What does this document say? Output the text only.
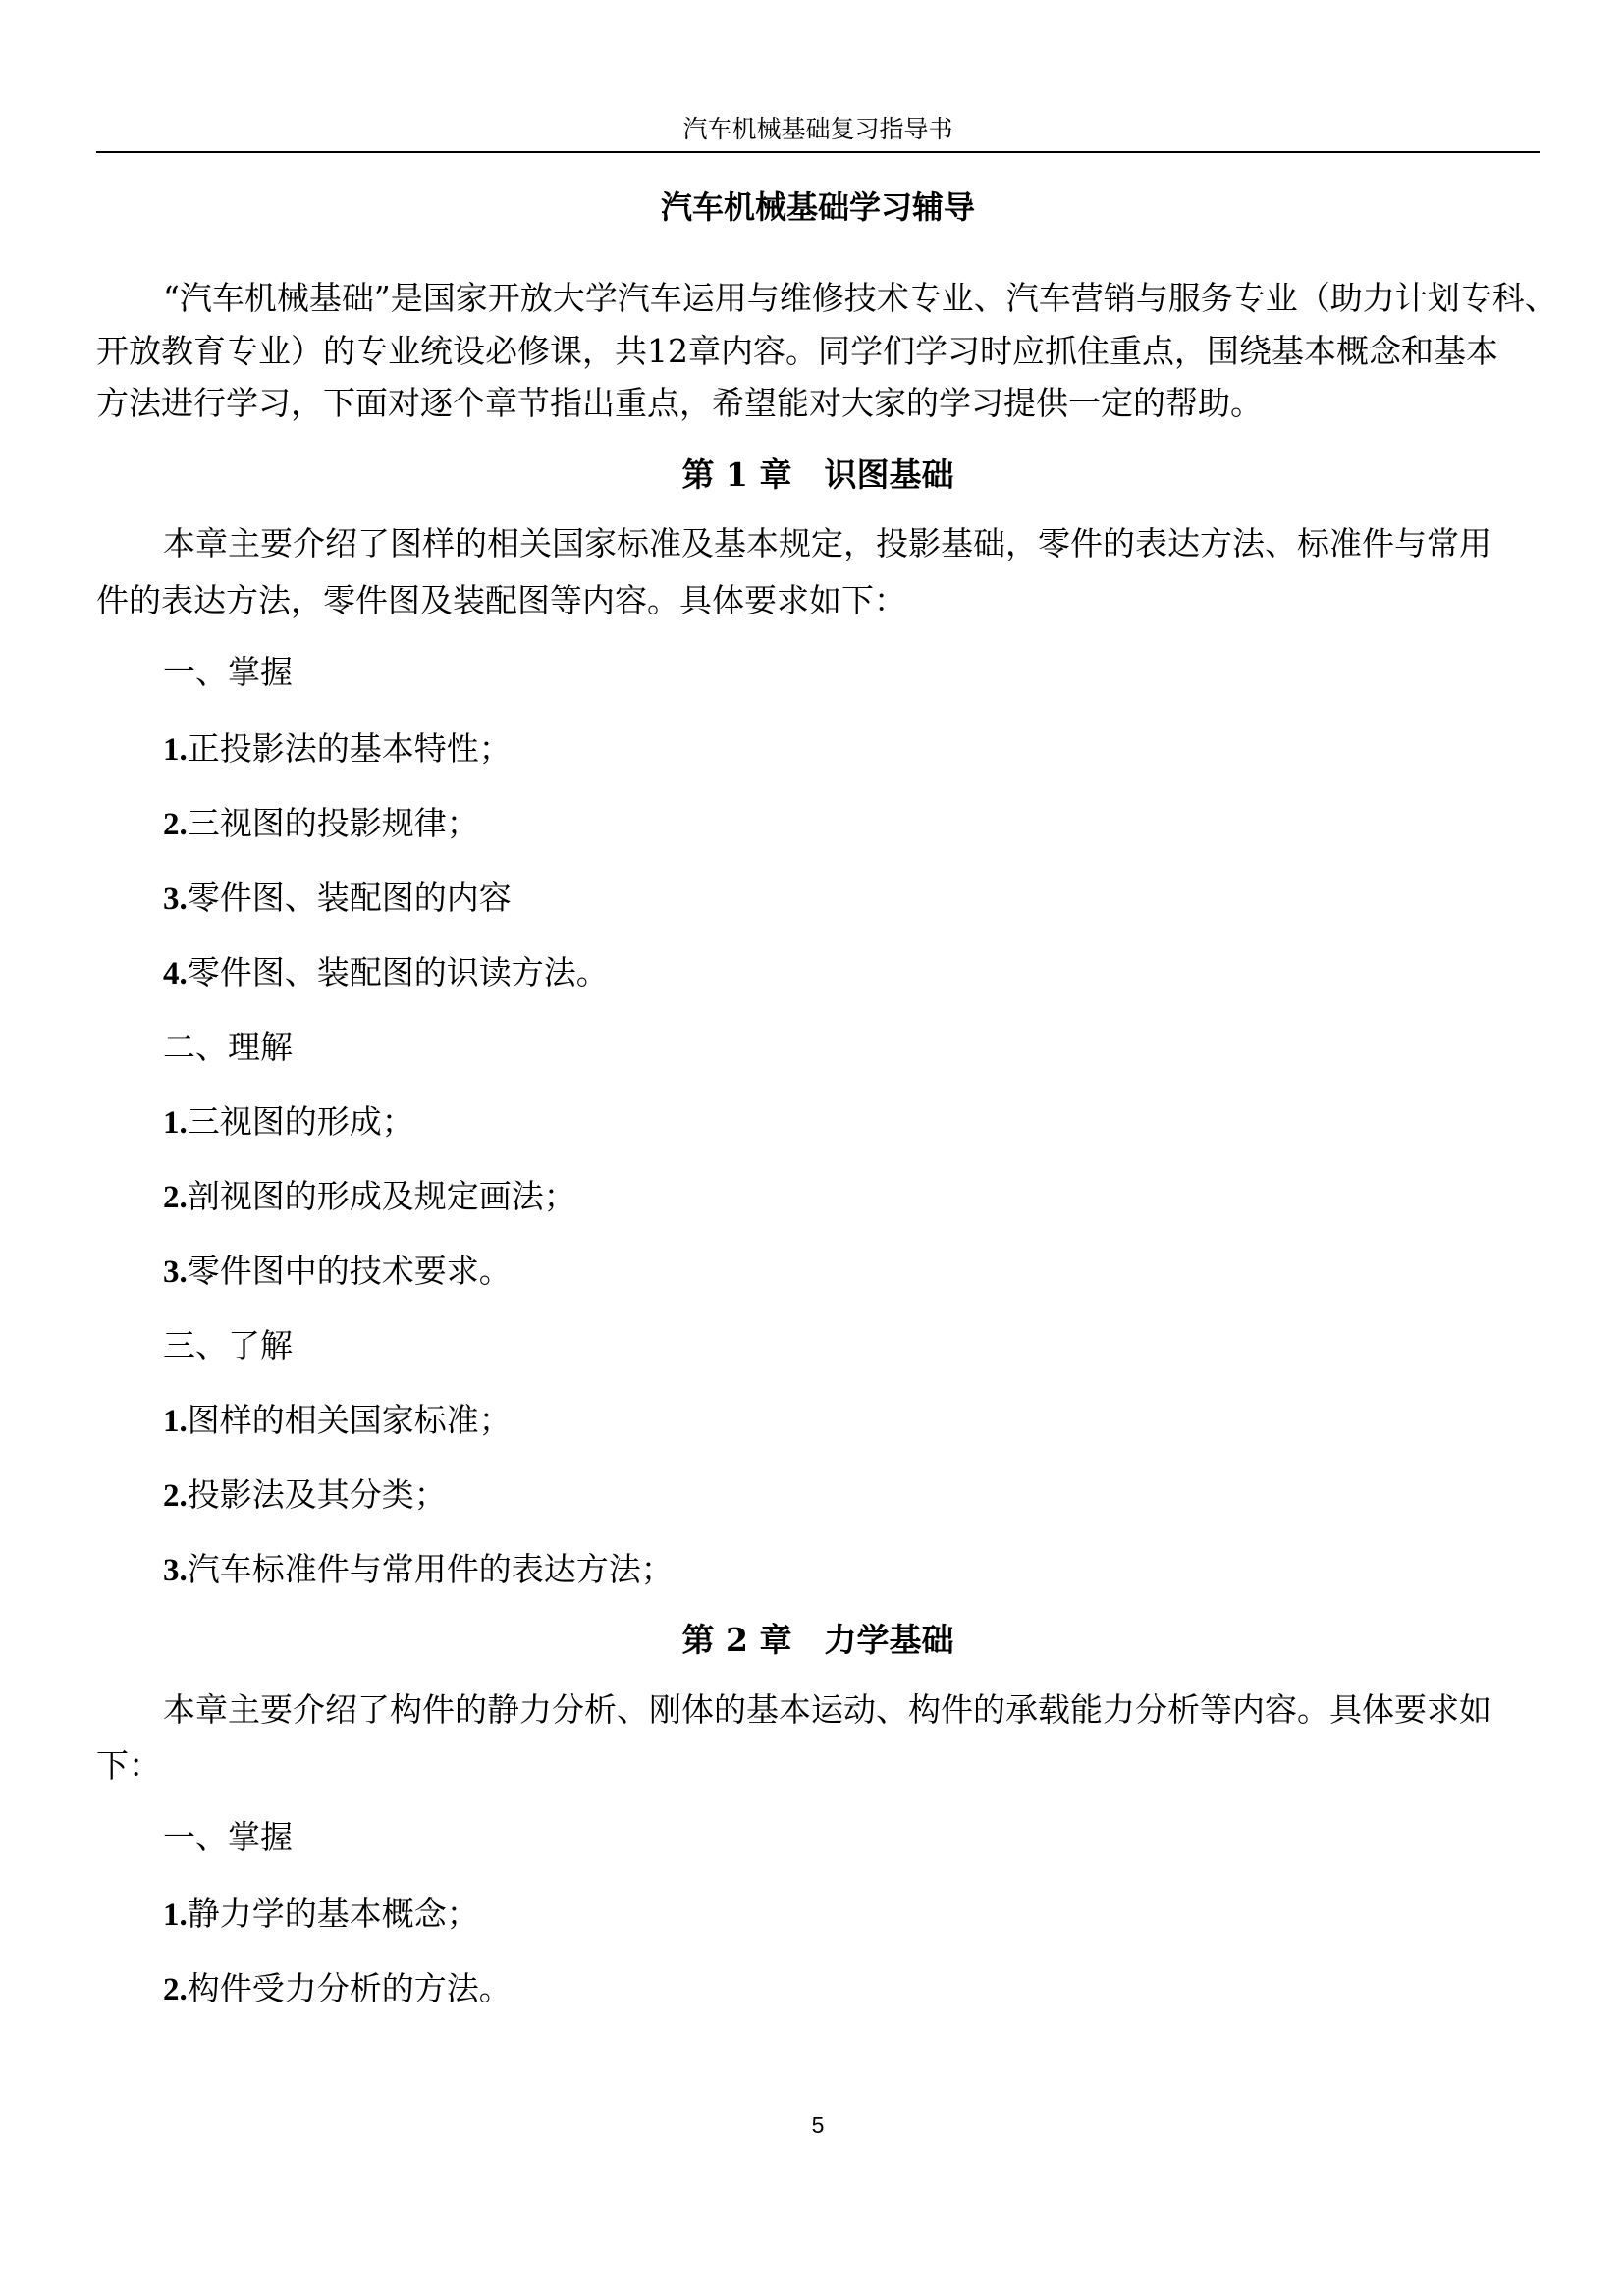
汽车机械基础复习指导书
汽车机械基础学习辅导
“汽车机械基础”是国家开放大学汽车运用与维修技术专业、汽车营销与服务专业（助力计划专科、
开放教育专业）的专业统设必修课，共12章内容。同学们学习时应抓住重点，围绕基本概念和基本
方法进行学习，下面对逐个章节指出重点，希望能对大家的学习提供一定的帮助。
第 1 章　识图基础
本章主要介绍了图样的相关国家标准及基本规定，投影基础，零件的表达方法、标准件与常用
件的表达方法，零件图及装配图等内容。具体要求如下：
一、掌握
1.正投影法的基本特性；
2.三视图的投影规律；
3.零件图、装配图的内容
4.零件图、装配图的识读方法。
二、理解
1.三视图的形成；
2.剖视图的形成及规定画法；
3.零件图中的技术要求。
三、了解
1.图样的相关国家标准；
2.投影法及其分类；
3.汽车标准件与常用件的表达方法；
第 2 章　力学基础
本章主要介绍了构件的静力分析、刚体的基本运动、构件的承载能力分析等内容。具体要求如
下：
一、掌握
1.静力学的基本概念；
2.构件受力分析的方法。
5
